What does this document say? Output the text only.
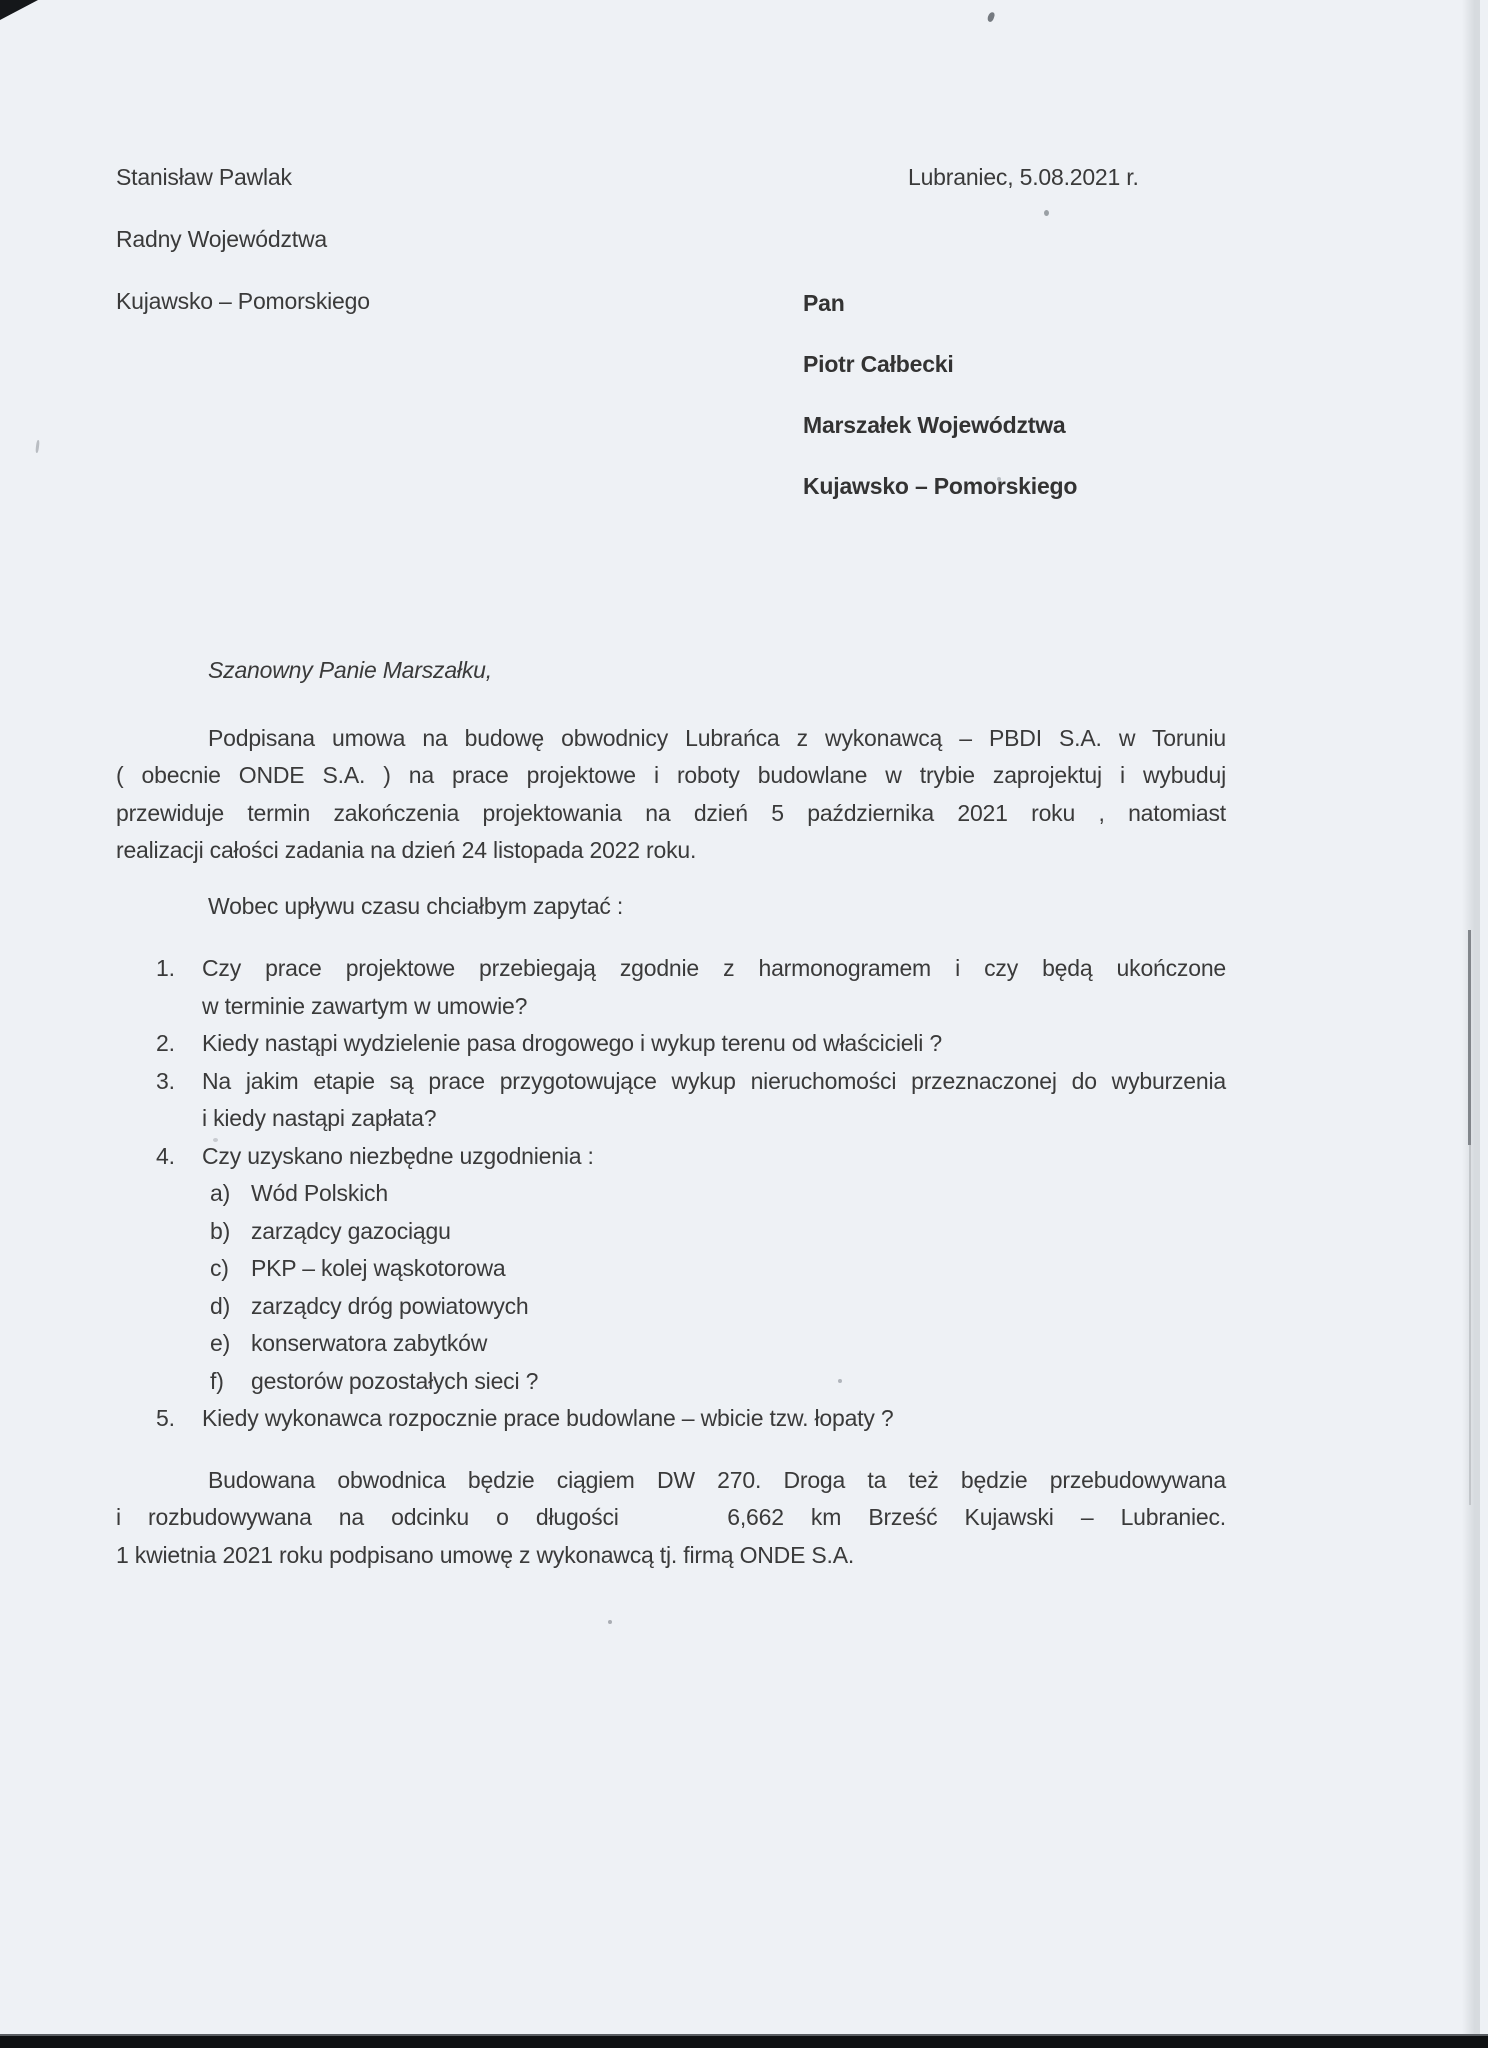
Stanisław Pawlak
Radny Województwa
Kujawsko – Pomorskiego
Lubraniec, 5.08.2021 r.
Pan
Piotr Całbecki
Marszałek Województwa
Kujawsko – Pomorskiego
Szanowny Panie Marszałku,
Podpisana umowa na budowę obwodnicy Lubrańca z wykonawcą – PBDI S.A. w Toruniu
( obecnie ONDE S.A. ) na prace projektowe i roboty budowlane w trybie zaprojektuj i wybuduj
przewiduje termin zakończenia projektowania na dzień 5 października 2021 roku , natomiast
realizacji całości zadania na dzień 24 listopada 2022 roku.
Wobec upływu czasu chciałbym zapytać :
1. Czy prace projektowe przebiegają zgodnie z harmonogramem i czy będą ukończone
w terminie zawartym w umowie?
2. Kiedy nastąpi wydzielenie pasa drogowego i wykup terenu od właścicieli ?
3. Na jakim etapie są prace przygotowujące wykup nieruchomości przeznaczonej do wyburzenia
i kiedy nastąpi zapłata?
4. Czy uzyskano niezbędne uzgodnienia :
a) Wód Polskich
b) zarządcy gazociągu
c) PKP – kolej wąskotorowa
d) zarządcy dróg powiatowych
e) konserwatora zabytków
f) gestorów pozostałych sieci ?
5. Kiedy wykonawca rozpocznie prace budowlane – wbicie tzw. łopaty ?
Budowana obwodnica będzie ciągiem DW 270. Droga ta też będzie przebudowywana
i rozbudowywana na odcinku o długości    6,662 km Brześć Kujawski – Lubraniec.
1 kwietnia 2021 roku podpisano umowę z wykonawcą tj. firmą ONDE S.A.
